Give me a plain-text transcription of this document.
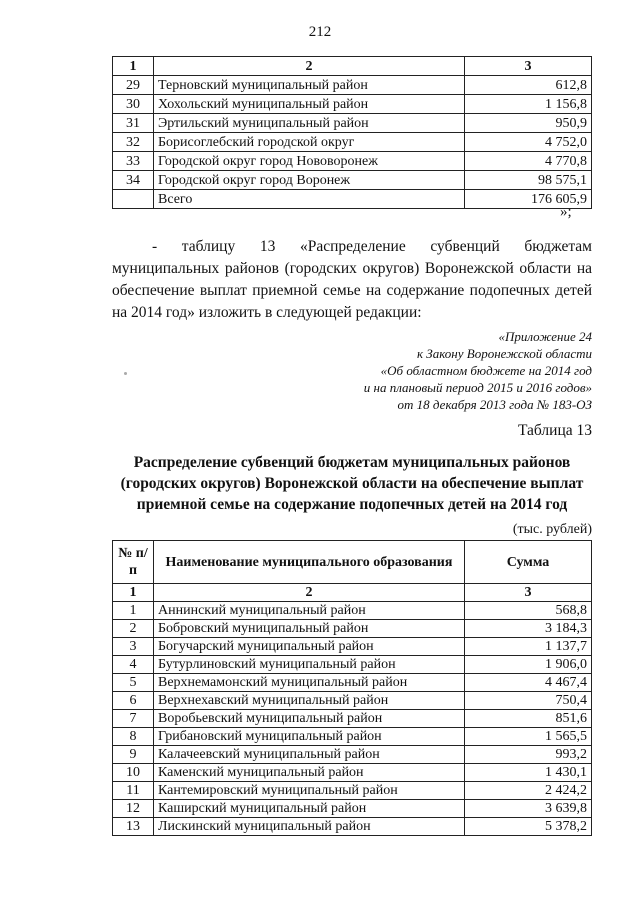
212
1	2	3
29	Терновский муниципальный район	612,8
30	Хохольский муниципальный район	1 156,8
31	Эртильский муниципальный район	950,9
32	Борисоглебский городской округ	4 752,0
33	Городской округ город Нововоронеж	4 770,8
34	Городской округ город Воронеж	98 575,1
	Всего	176 605,9
»;
- таблицу 13 «Распределение субвенций бюджетам муниципальных районов (городских округов) Воронежской области на обеспечение выплат приемной семье на содержание подопечных детей на 2014 год» изложить в следующей редакции:
«Приложение 24
к Закону Воронежской области
«Об областном бюджете на 2014 год
и на плановый период 2015 и 2016 годов»
от 18 декабря 2013 года № 183-ОЗ
Таблица 13
Распределение субвенций бюджетам муниципальных районов (городских округов) Воронежской области на обеспечение выплат приемной семье на содержание подопечных детей на 2014 год
(тыс. рублей)
№ п/п	Наименование муниципального образования	Сумма
1	2	3
1	Аннинский муниципальный район	568,8
2	Бобровский муниципальный район	3 184,3
3	Богучарский муниципальный район	1 137,7
4	Бутурлиновский муниципальный район	1 906,0
5	Верхнемамонский муниципальный район	4 467,4
6	Верхнехавский муниципальный район	750,4
7	Воробьевский муниципальный район	851,6
8	Грибановский муниципальный район	1 565,5
9	Калачеевский муниципальный район	993,2
10	Каменский муниципальный район	1 430,1
11	Кантемировский муниципальный район	2 424,2
12	Каширский муниципальный район	3 639,8
13	Лискинский муниципальный район	5 378,2
